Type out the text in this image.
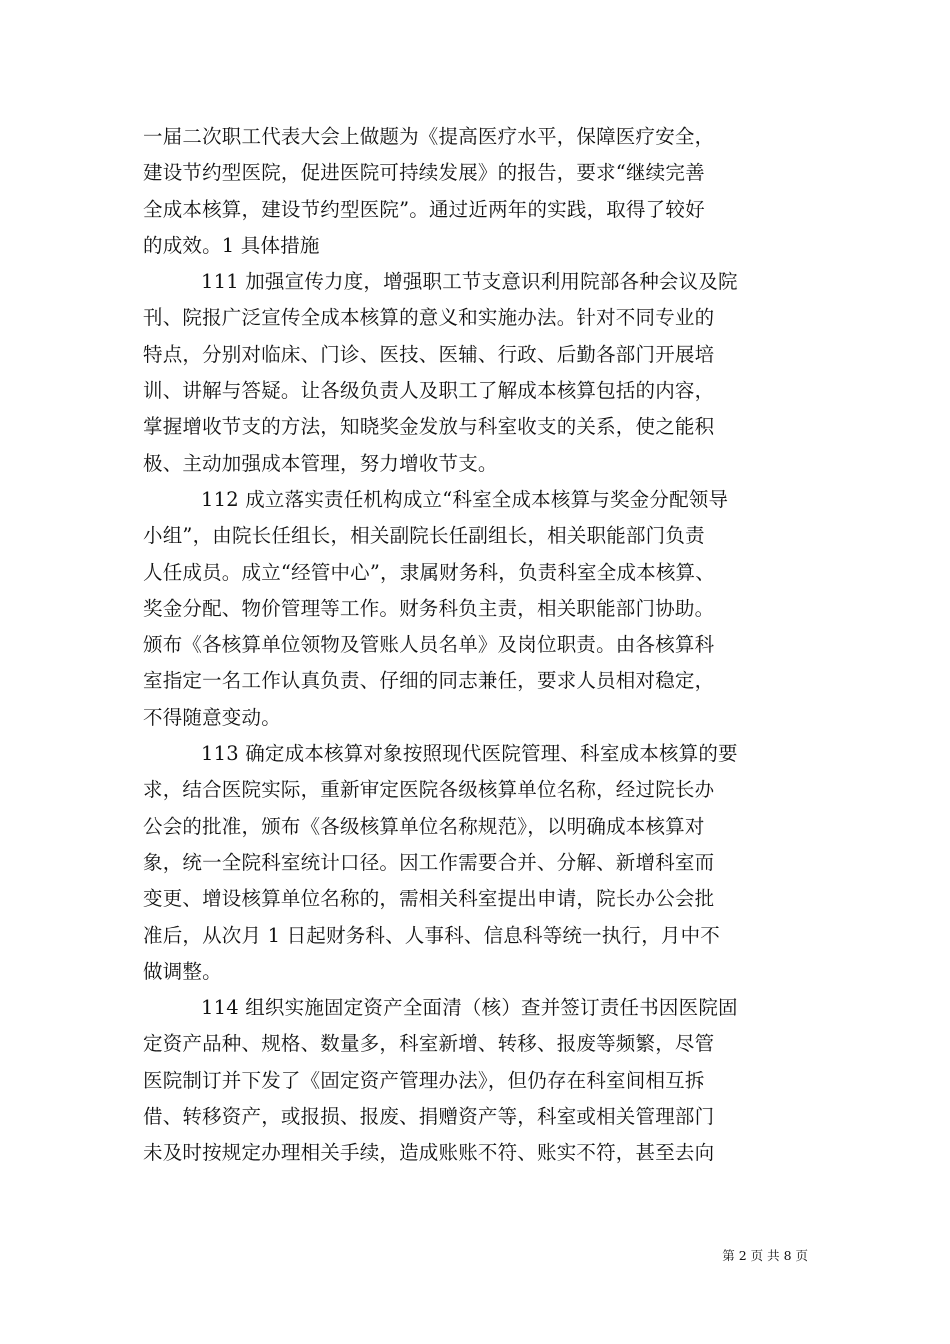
一届二次职工代表大会上做题为《提高医疗水平，保障医疗安全，
建设节约型医院，促进医院可持续发展》的报告，要求“继续完善
全成本核算，建设节约型医院”。通过近两年的实践，取得了较好
的成效。1 具体措施
111 加强宣传力度，增强职工节支意识利用院部各种会议及院
刊、院报广泛宣传全成本核算的意义和实施办法。针对不同专业的
特点，分别对临床、门诊、医技、医辅、行政、后勤各部门开展培
训、讲解与答疑。让各级负责人及职工了解成本核算包括的内容，
掌握增收节支的方法，知晓奖金发放与科室收支的关系，使之能积
极、主动加强成本管理，努力增收节支。
112 成立落实责任机构成立“科室全成本核算与奖金分配领导
小组”，由院长任组长，相关副院长任副组长，相关职能部门负责
人任成员。成立“经管中心”，隶属财务科，负责科室全成本核算、
奖金分配、物价管理等工作。财务科负主责，相关职能部门协助。
颁布《各核算单位领物及管账人员名单》及岗位职责。由各核算科
室指定一名工作认真负责、仔细的同志兼任，要求人员相对稳定，
不得随意变动。
113 确定成本核算对象按照现代医院管理、科室成本核算的要
求，结合医院实际，重新审定医院各级核算单位名称，经过院长办
公会的批准，颁布《各级核算单位名称规范》，以明确成本核算对
象，统一全院科室统计口径。因工作需要合并、分解、新增科室而
变更、增设核算单位名称的，需相关科室提出申请，院长办公会批
准后，从次月 1 日起财务科、人事科、信息科等统一执行，月中不
做调整。
114 组织实施固定资产全面清（核）查并签订责任书因医院固
定资产品种、规格、数量多，科室新增、转移、报废等频繁，尽管
医院制订并下发了《固定资产管理办法》，但仍存在科室间相互拆
借、转移资产，或报损、报废、捐赠资产等，科室或相关管理部门
未及时按规定办理相关手续，造成账账不符、账实不符，甚至去向
第 2 页 共 8 页
